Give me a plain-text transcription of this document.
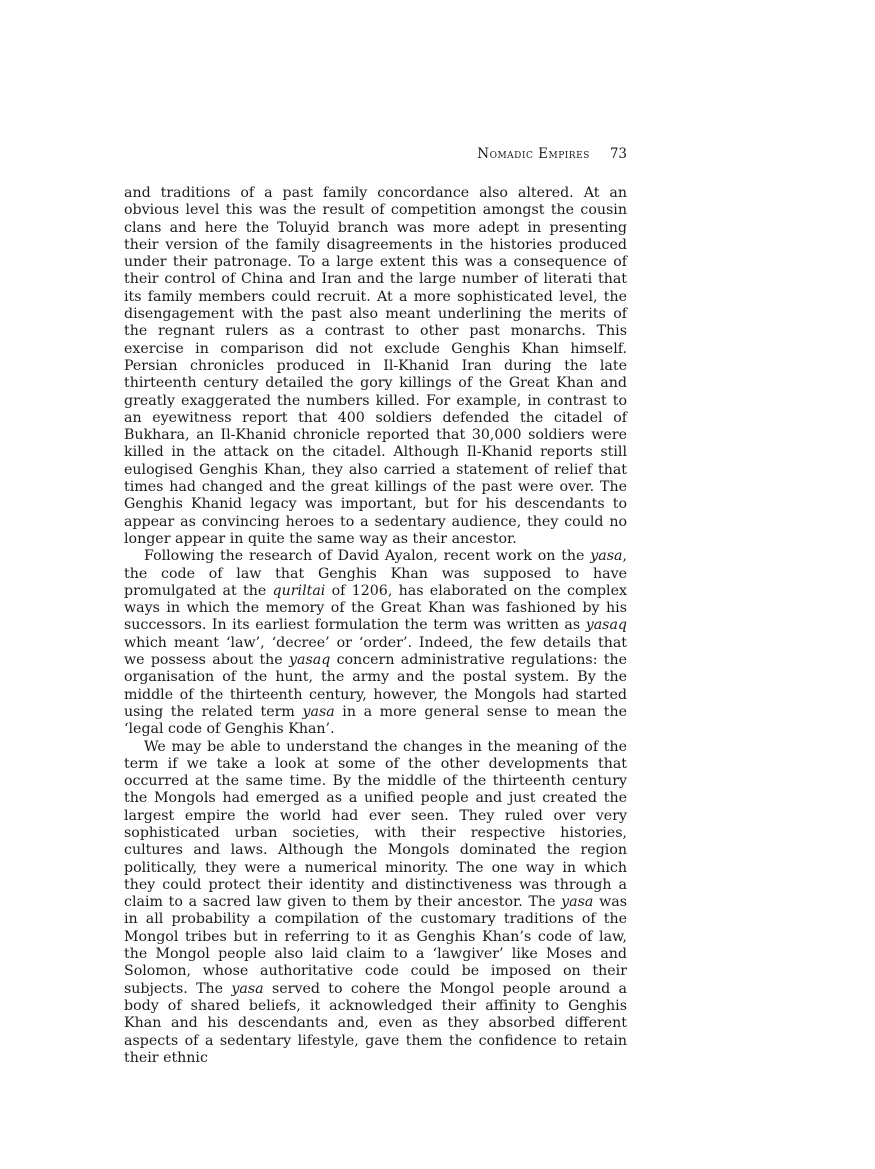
Nomadic Empires 73

and traditions of a past family concordance also altered. At an obvious level this was the result of competition amongst the cousin clans and here the Toluyid branch was more adept in presenting their version of the family disagreements in the histories produced under their patronage. To a large extent this was a consequence of their control of China and Iran and the large number of literati that its family members could recruit. At a more sophisticated level, the disengagement with the past also meant underlining the merits of the regnant rulers as a contrast to other past monarchs. This exercise in comparison did not exclude Genghis Khan himself. Persian chronicles produced in Il-Khanid Iran during the late thirteenth century detailed the gory killings of the Great Khan and greatly exaggerated the numbers killed. For example, in contrast to an eyewitness report that 400 soldiers defended the citadel of Bukhara, an Il-Khanid chronicle reported that 30,000 soldiers were killed in the attack on the citadel. Although Il-Khanid reports still eulogised Genghis Khan, they also carried a statement of relief that times had changed and the great killings of the past were over. The Genghis Khanid legacy was important, but for his descendants to appear as convincing heroes to a sedentary audience, they could no longer appear in quite the same way as their ancestor.

Following the research of David Ayalon, recent work on the yasa, the code of law that Genghis Khan was supposed to have promulgated at the quriltai of 1206, has elaborated on the complex ways in which the memory of the Great Khan was fashioned by his successors. In its earliest formulation the term was written as yasaq which meant ‘law’, ‘decree’ or ‘order’. Indeed, the few details that we possess about the yasaq concern administrative regulations: the organisation of the hunt, the army and the postal system. By the middle of the thirteenth century, however, the Mongols had started using the related term yasa in a more general sense to mean the ‘legal code of Genghis Khan’.

We may be able to understand the changes in the meaning of the term if we take a look at some of the other developments that occurred at the same time. By the middle of the thirteenth century the Mongols had emerged as a unified people and just created the largest empire the world had ever seen. They ruled over very sophisticated urban societies, with their respective histories, cultures and laws. Although the Mongols dominated the region politically, they were a numerical minority. The one way in which they could protect their identity and distinctiveness was through a claim to a sacred law given to them by their ancestor. The yasa was in all probability a compilation of the customary traditions of the Mongol tribes but in referring to it as Genghis Khan’s code of law, the Mongol people also laid claim to a ‘lawgiver’ like Moses and Solomon, whose authoritative code could be imposed on their subjects. The yasa served to cohere the Mongol people around a body of shared beliefs, it acknowledged their affinity to Genghis Khan and his descendants and, even as they absorbed different aspects of a sedentary lifestyle, gave them the confidence to retain their ethnic
